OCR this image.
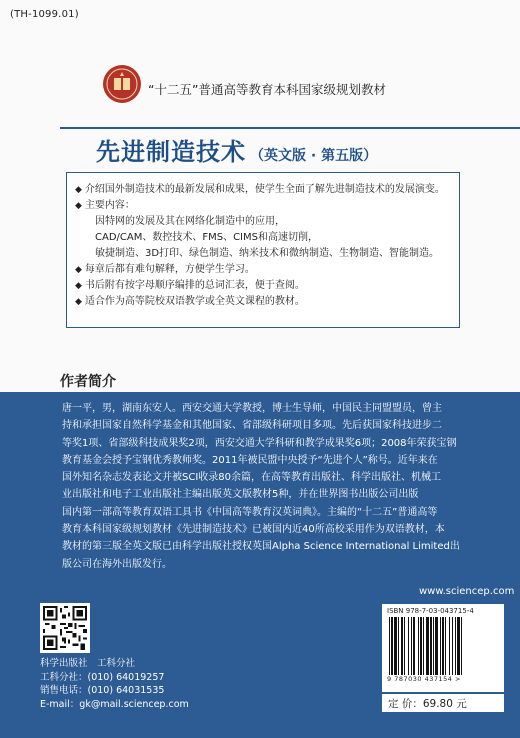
(TH-1099.01)
“十二五”普通高等教育本科国家级规划教材
先进制造技术 （英文版 · 第五版）
◆ 介绍国外制造技术的最新发展和成果，使学生全面了解先进制造技术的发展演变。
◆ 主要内容：
因特网的发展及其在网络化制造中的应用，
CAD/CAM、数控技术、FMS、CIMS和高速切削，
敏捷制造、3D打印、绿色制造、纳米技术和微纳制造、生物制造、智能制造。
◆ 每章后都有难句解释，方便学生学习。
◆ 书后附有按字母顺序编排的总词汇表，便于查阅。
◆ 适合作为高等院校双语教学或全英文课程的教材。
作者简介
唐一平，男，湖南东安人。西安交通大学教授，博士生导师，中国民主同盟盟员，曾主
持和承担国家自然科学基金和其他国家、省部级科研项目多项。先后获国家科技进步二
等奖1项、省部级科技成果奖2项，西安交通大学科研和教学成果奖6项；2008年荣获宝钢
教育基金会授予宝钢优秀教师奖。2011年被民盟中央授予“先进个人”称号。近年来在
国外知名杂志发表论文并被SCI收录80余篇，在高等教育出版社、科学出版社、机械工
业出版社和电子工业出版社主编出版英文版教材5种，并在世界图书出版公司出版
国内第一部高等教育双语工具书《中国高等教育汉英词典》。主编的“十二五”普通高等
教育本科国家级规划教材《先进制造技术》已被国内近40所高校采用作为双语教材，本
教材的第三版全英文版已由科学出版社授权英国Alpha Science International Limited出
版公司在海外出版发行。
www.sciencep.com
科学出版社　工科分社
工科分社：(010) 64019257
销售电话：(010) 64031535
E-mail：gk@mail.sciencep.com
ISBN 978-7-03-043715-4
9 787030 437154 >
定 价：69.80 元
